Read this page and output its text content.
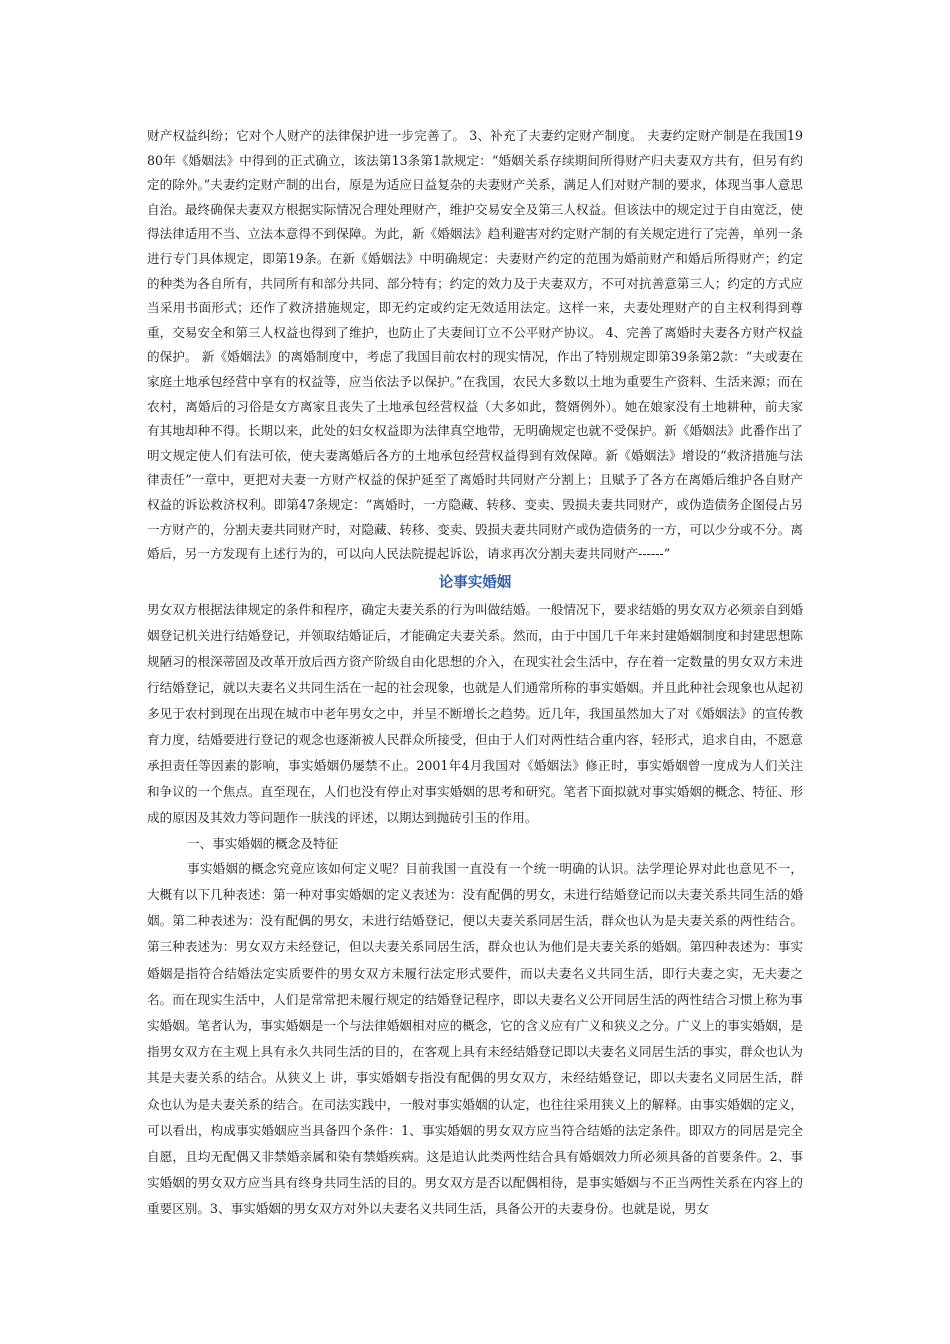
财产权益纠纷；它对个人财产的法律保护进一步完善了。 3、补充了夫妻约定财产制度。 夫妻约定财产制是在我国1980年《婚姻法》中得到的正式确立，该法第13条第1款规定：“婚姻关系存续期间所得财产归夫妻双方共有，但另有约定的除外。”夫妻约定财产制的出台，原是为适应日益复杂的夫妻财产关系，满足人们对财产制的要求，体现当事人意思自治。最终确保夫妻双方根据实际情况合理处理财产，维护交易安全及第三人权益。但该法中的规定过于自由宽泛，使得法律适用不当、立法本意得不到保障。为此，新《婚姻法》趋利避害对约定财产制的有关规定进行了完善，单列一条进行专门具体规定，即第19条。在新《婚姻法》中明确规定：夫妻财产约定的范围为婚前财产和婚后所得财产；约定的种类为各自所有，共同所有和部分共同、部分特有；约定的效力及于夫妻双方，不可对抗善意第三人；约定的方式应当采用书面形式；还作了救济措施规定，即无约定或约定无效适用法定。这样一来，夫妻处理财产的自主权利得到尊重，交易安全和第三人权益也得到了维护，也防止了夫妻间订立不公平财产协议。 4、完善了离婚时夫妻各方财产权益的保护。 新《婚姻法》的离婚制度中，考虑了我国目前农村的现实情况，作出了特别规定即第39条第2款：“夫或妻在家庭土地承包经营中享有的权益等，应当依法予以保护。”在我国，农民大多数以土地为重要生产资料、生活来源；而在农村，离婚后的习俗是女方离家且丧失了土地承包经营权益（大多如此，赘婿例外）。她在娘家没有土地耕种，前夫家有其地却种不得。长期以来，此处的妇女权益即为法律真空地带，无明确规定也就不受保护。新《婚姻法》此番作出了明文规定使人们有法可依，使夫妻离婚后各方的土地承包经营权益得到有效保障。新《婚姻法》增设的“救济措施与法律责任”一章中，更把对夫妻一方财产权益的保护延至了离婚时共同财产分割上；且赋予了各方在离婚后维护各自财产权益的诉讼救济权利。即第47条规定：“离婚时，一方隐藏、转移、变卖、毁损夫妻共同财产，或伪造债务企图侵占另一方财产的，分割夫妻共同财产时，对隐藏、转移、变卖、毁损夫妻共同财产或伪造债务的一方，可以少分或不分。离婚后，另一方发现有上述行为的，可以向人民法院提起诉讼，请求再次分割夫妻共同财产------”

论事实婚姻

男女双方根据法律规定的条件和程序，确定夫妻关系的行为叫做结婚。一般情况下，要求结婚的男女双方必须亲自到婚姻登记机关进行结婚登记，并领取结婚证后，才能确定夫妻关系。然而，由于中国几千年来封建婚姻制度和封建思想陈规陋习的根深蒂固及改革开放后西方资产阶级自由化思想的介入，在现实社会生活中，存在着一定数量的男女双方未进行结婚登记，就以夫妻名义共同生活在一起的社会现象，也就是人们通常所称的事实婚姻。并且此种社会现象也从起初多见于农村到现在出现在城市中老年男女之中，并呈不断增长之趋势。近几年，我国虽然加大了对《婚姻法》的宣传教育力度，结婚要进行登记的观念也逐渐被人民群众所接受，但由于人们对两性结合重内容，轻形式，追求自由，不愿意承担责任等因素的影响，事实婚姻仍屡禁不止。2001年4月我国对《婚姻法》修正时，事实婚姻曾一度成为人们关注和争议的一个焦点。直至现在，人们也没有停止对事实婚姻的思考和研究。笔者下面拟就对事实婚姻的概念、特征、形成的原因及其效力等问题作一肤浅的评述，以期达到抛砖引玉的作用。

一、事实婚姻的概念及特征

事实婚姻的概念究竟应该如何定义呢？目前我国一直没有一个统一明确的认识。法学理论界对此也意见不一，大概有以下几种表述：第一种对事实婚姻的定义表述为：没有配偶的男女，未进行结婚登记而以夫妻关系共同生活的婚姻。第二种表述为：没有配偶的男女，未进行结婚登记，便以夫妻关系同居生活，群众也认为是夫妻关系的两性结合。第三种表述为：男女双方未经登记，但以夫妻关系同居生活，群众也认为他们是夫妻关系的婚姻。第四种表述为：事实婚姻是指符合结婚法定实质要件的男女双方未履行法定形式要件，而以夫妻名义共同生活，即行夫妻之实，无夫妻之名。而在现实生活中，人们是常常把未履行规定的结婚登记程序，即以夫妻名义公开同居生活的两性结合习惯上称为事实婚姻。笔者认为，事实婚姻是一个与法律婚姻相对应的概念，它的含义应有广义和狭义之分。广义上的事实婚姻，是指男女双方在主观上具有永久共同生活的目的，在客观上具有未经结婚登记即以夫妻名义同居生活的事实，群众也认为其是夫妻关系的结合。从狭义上 讲，事实婚姻专指没有配偶的男女双方，未经结婚登记，即以夫妻名义同居生活，群众也认为是夫妻关系的结合。在司法实践中，一般对事实婚姻的认定，也往往采用狭义上的解释。由事实婚姻的定义，可以看出，构成事实婚姻应当具备四个条件：1、事实婚姻的男女双方应当符合结婚的法定条件。即双方的同居是完全自愿，且均无配偶又非禁婚亲属和染有禁婚疾病。这是追认此类两性结合具有婚姻效力所必须具备的首要条件。2、事实婚姻的男女双方应当具有终身共同生活的目的。男女双方是否以配偶相待，是事实婚姻与不正当两性关系在内容上的重要区别。3、事实婚姻的男女双方对外以夫妻名义共同生活，具备公开的夫妻身份。也就是说，男女
